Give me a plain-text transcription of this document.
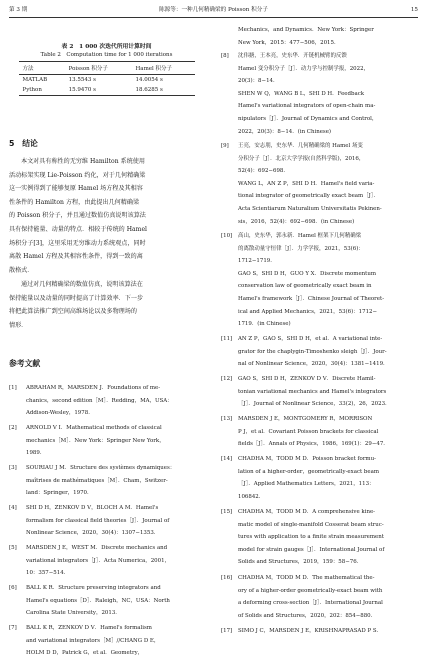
第 3 期	陈源等：一种几何精确梁的 Poisson 积分子	15
表 2　1 000 次迭代所用计算时间
Table 2　Computation time for 1 000 iterations
方法	Poisson 积分子	Hamel 积分子
MATLAB	13.5543 s	14.0054 s
Python	15.9470 s	18.6285 s
5　结论
本文对具有称性的无穷维 Hamilton 系统使用
活动标架实现 Lie-Poisson 约化，对于几何精确梁
这一实例得到了能够复原 Hamel 场方程及其相容
性条件的 Hamilton 方程，由此提出几何精确梁
的 Poisson 积分子，并且通过数值仿真说明该算法
具有保持能量、动量的特点．相较于传统的 Hamel
场积分子[3]，这里采用无穷维动力系统观点，同时
离散 Hamel 方程及其相容性条件，得到一致的离
散格式．
通过对几何精确梁的数值仿真，说明该算法在
保持能量以及动量的同时提高了计算效率．下一步
将把此算法推广到空间高维场论以及多物理场的
情形．
参考文献
[1] ABRAHAM R，MARSDEN J．Foundations of me-
chanics，second edition［M］．Redding，MA，USA：
Addison-Wesley，1978．
[2] ARNOLD V I．Mathematical methods of classical
mechanics［M］．New York：Springer New York，
1989．
[3] SOURIAU J M．Structure des systèmes dynamiques：
maîtrises de mathématiques［M］．Cham，Switzer-
land：Springer，1970．
[4] SHI D H，ZENKOV D V，BLOCH A M．Hamel's
formalism for classical field theories［J］．Journal of
Nonlinear Science，2020，30(4)：1307−1353．
[5] MARSDEN J E，WEST M．Discrete mechanics and
variational integrators［J］．Acta Numerica，2001，
10：357−514．
[6] BALL K R．Structure preserving integrators and
Hamel's equations［D］．Raleigh，NC，USA：North
Carolina State University，2013．
[7] BALL K R，ZENKOV D V．Hamel's formalism
and variational integrators［M］//CHANG D E，
HOLM D D，Patrick G，et al．Geometry，
Mechanics，and Dynamics．New York：Springer
New York，2015：477−506，2015．
[8] 沈伟搪，王本亮，史东华．开链机械臂的反馈
Hamel 变分积分子［J］．动力学与控制学报，2022，
20(3)：8−14．
SHEN W Q，WANG B L，SHI D H．Feedback
Hamel's variational integrators of open-chain ma-
nipulators［J］．Journal of Dynamics and Control，
2022，20(3)：8−14．(in Chinese)
[9] 王亮，安志朋，史东华．几何精确梁的 Hamel 场变
分积分子［J］．北京大学学报(自然科学版)，2016，
52(4)：692−698．
WANG L，AN Z P，SHI D H．Hamel's field varia-
tional integrator of geometrically exact beam［J］．
Acta Scientiarum Naturalium Universitatis Pekinen-
sis，2016，52(4)：692−698．(in Chinese)
[10] 高山，史东华，郭永新．Hamel 框架下几何精确梁
的离散动量守恒律［J］．力学学报，2021，53(6)：
1712−1719．
GAO S，SHI D H，GUO Y X．Discrete momentum
conservation law of geometrically exact beam in
Hamel's framework［J］．Chinese Journal of Theoret-
ical and Applied Mechanics，2021，53(6)：1712−
1719．(in Chinese)
[11] AN Z P，GAO S，SHI D H，et al．A variational inte-
grator for the chaplygin-Timoshenko sleigh［J］．Jour-
nal of Nonlinear Science，2020，30(4)：1381−1419．
[12] GAO S，SHI D H，ZENKOV D V．Discrete Hamil-
tonian variational mechanics and Hamel's integrators
［J］．Journal of Nonlinear Science，33(2)，26，2023．
[13] MARSDEN J E，MONTGOMERY R，MORRISON
P J，et al．Covariant Poisson brackets for classical
fields［J］．Annals of Physics，1986，169(1)：29−47．
[14] CHADHA M，TODD M D．Poisson bracket formu-
lation of a higher-order，geometrically-exact beam
［J］．Applied Mathematics Letters，2021，113：
106842．
[15] CHADHA M，TODD M D．A comprehensive kine-
matic model of single-manifold Cosserat beam struc-
tures with application to a finite strain measurement
model for strain gauges［J］．International Journal of
Solids and Structures，2019，159：58−76．
[16] CHADHA M，TODD M D．The mathematical the-
ory of a higher-order geometrically-exact beam with
a deforming cross-section［J］．International Journal
of Solids and Structures，2020，202：854−880．
[17] SIMO J C，MARSDEN J E，KRISHNAPRASAD P S．
